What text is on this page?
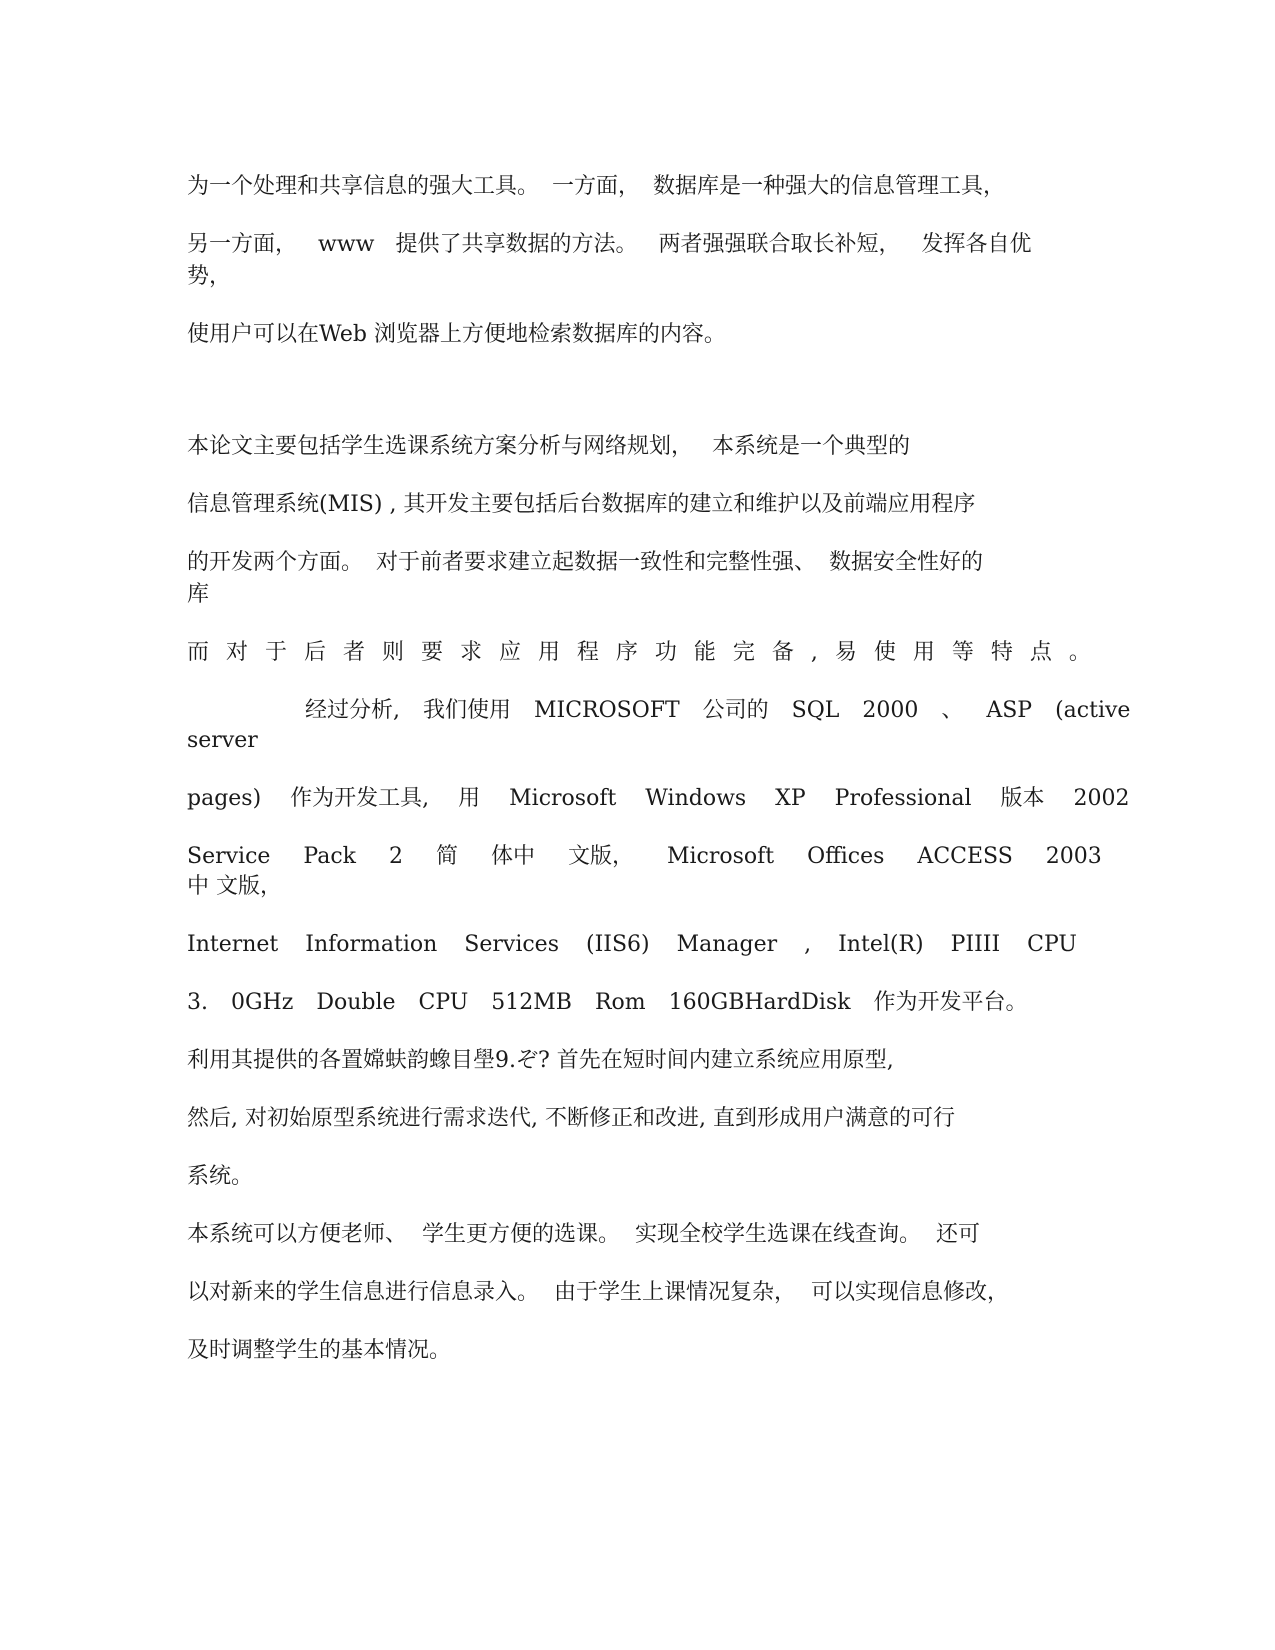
为一个处理和共享信息的强大工具。 一方面， 数据库是一种强大的信息管理工具，
另一方面， www 提供了共享数据的方法。 两者强强联合取长补短， 发挥各自优
势，
使用户可以在Web 浏览器上方便地检索数据库的内容。
本论文主要包括学生选课系统方案分析与网络规划， 本系统是一个典型的
信息管理系统(MIS) , 其开发主要包括后台数据库的建立和维护以及前端应用程序
的开发两个方面。 对于前者要求建立起数据一致性和完整性强、 数据安全性好的
库
而 对 于 后 者 则 要 求 应 用 程 序 功 能 完 备 , 易 使 用 等 特 点 。
经过分析, 我们使用 MICROSOFT 公司的 SQL 2000 、 ASP (active
server
pages) 作为开发工具, 用 Microsoft Windows XP Professional 版本 2002
Service Pack 2 简 体中 文版， Microsoft Offices ACCESS 2003
中 文版，
Internet Information Services (IIS6) Manager , Intel(R) PIIII CPU
3. 0GHz Double CPU 512MB Rom 160GBHardDisk 作为开发平台。
利用其提供的各置嫦蚨韵蟓目壆9.ぞ? 首先在短时间内建立系统应用原型,
然后, 对初始原型系统进行需求迭代, 不断修正和改进, 直到形成用户满意的可行
系统。
本系统可以方便老师、 学生更方便的选课。 实现全校学生选课在线查询。 还可
以对新来的学生信息进行信息录入。 由于学生上课情况复杂， 可以实现信息修改，
及时调整学生的基本情况。
